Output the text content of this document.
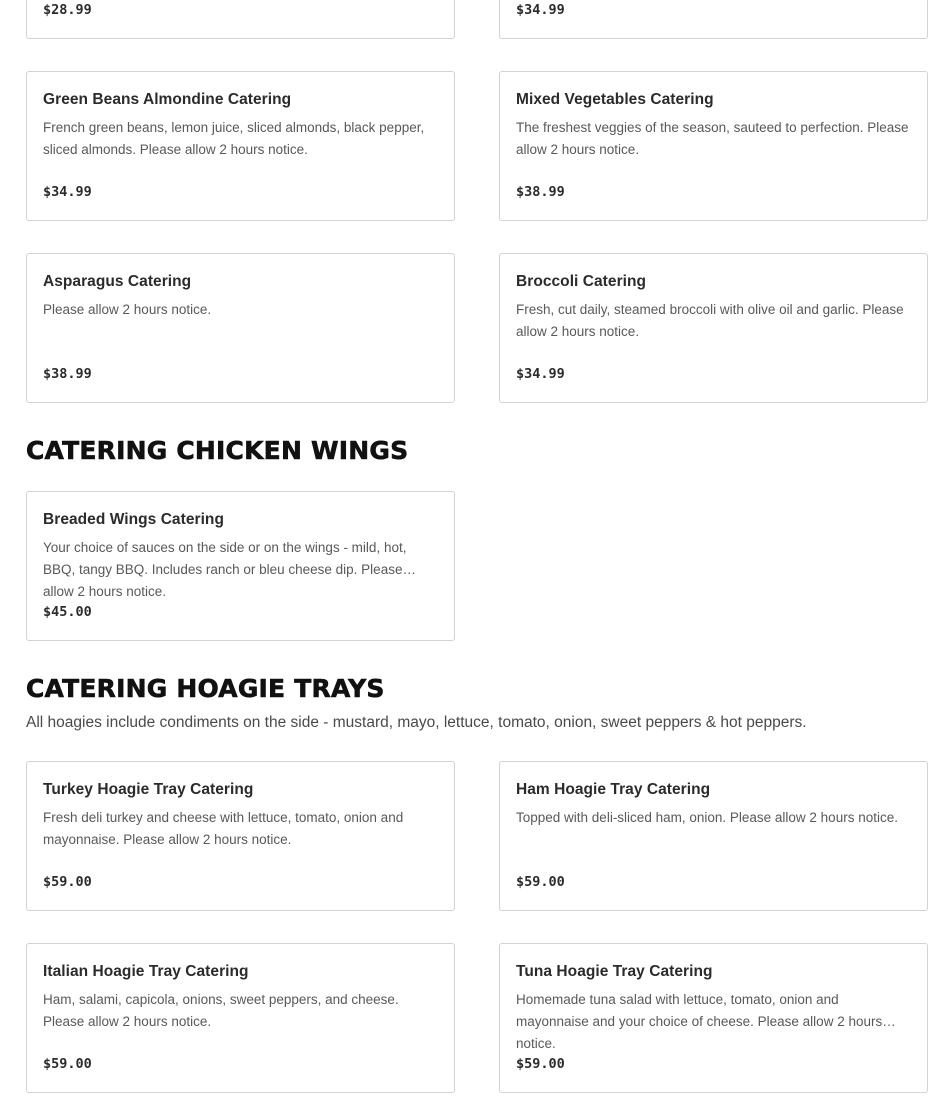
$28.99	$34.99
Green Beans Almondine Catering
French green beans, lemon juice, sliced almonds, black pepper, sliced almonds. Please allow 2 hours notice.
$34.99
Mixed Vegetables Catering
The freshest veggies of the season, sauteed to perfection. Please allow 2 hours notice.
$38.99
Asparagus Catering
Please allow 2 hours notice.
$38.99
Broccoli Catering
Fresh, cut daily, steamed broccoli with olive oil and garlic. Please allow 2 hours notice.
$34.99
CATERING CHICKEN WINGS
Breaded Wings Catering
Your choice of sauces on the side or on the wings - mild, hot, BBQ, tangy BBQ. Includes ranch or bleu cheese dip. Please allow 2 hours notice.
$45.00
CATERING HOAGIE TRAYS

All hoagies include condiments on the side - mustard, mayo, lettuce, tomato, onion, sweet peppers & hot peppers.

Turkey Hoagie Tray Catering
Fresh deli turkey and cheese with lettuce, tomato, onion and mayonnaise. Please allow 2 hours notice.
$59.00
Ham Hoagie Tray Catering
Topped with deli-sliced ham, onion. Please allow 2 hours notice.
$59.00
Italian Hoagie Tray Catering
Ham, salami, capicola, onions, sweet peppers, and cheese. Please allow 2 hours notice.
$59.00
Tuna Hoagie Tray Catering
Homemade tuna salad with lettuce, tomato, onion and mayonnaise and your choice of cheese. Please allow 2 hours notice.
$59.00
